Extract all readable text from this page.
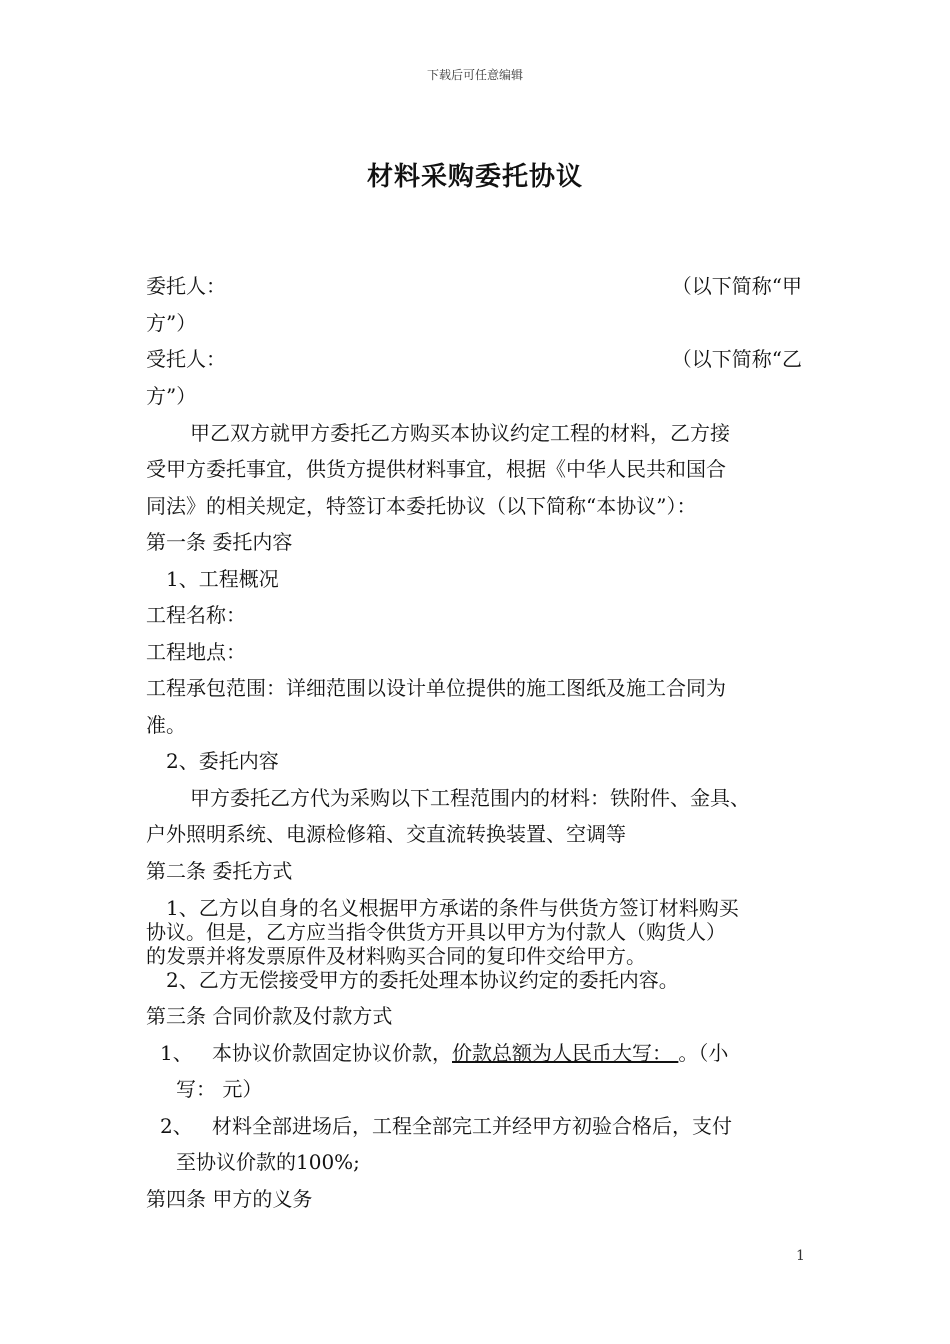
下载后可任意编辑
材料采购委托协议
委托人：	（以下简称“甲
方”）
受托人：	（以下简称“乙
方”）
甲乙双方就甲方委托乙方购买本协议约定工程的材料，乙方接
受甲方委托事宜，供货方提供材料事宜，根据《中华人民共和国合
同法》的相关规定，特签订本委托协议（以下简称“本协议”）：
第一条 委托内容
1、工程概况
工程名称：
工程地点：
工程承包范围：详细范围以设计单位提供的施工图纸及施工合同为
准。
2、委托内容
甲方委托乙方代为采购以下工程范围内的材料：铁附件、金具、
户外照明系统、电源检修箱、交直流转换装置、空调等
第二条 委托方式
1、乙方以自身的名义根据甲方承诺的条件与供货方签订材料购买
协议。但是，乙方应当指令供货方开具以甲方为付款人（购货人）
的发票并将发票原件及材料购买合同的复印件交给甲方。
2、乙方无偿接受甲方的委托处理本协议约定的委托内容。
第三条 合同价款及付款方式
1、 本协议价款固定协议价款，价款总额为人民币大写： 。（小
写： 元）
2、 材料全部进场后，工程全部完工并经甲方初验合格后，支付
至协议价款的100%;
第四条 甲方的义务
1
